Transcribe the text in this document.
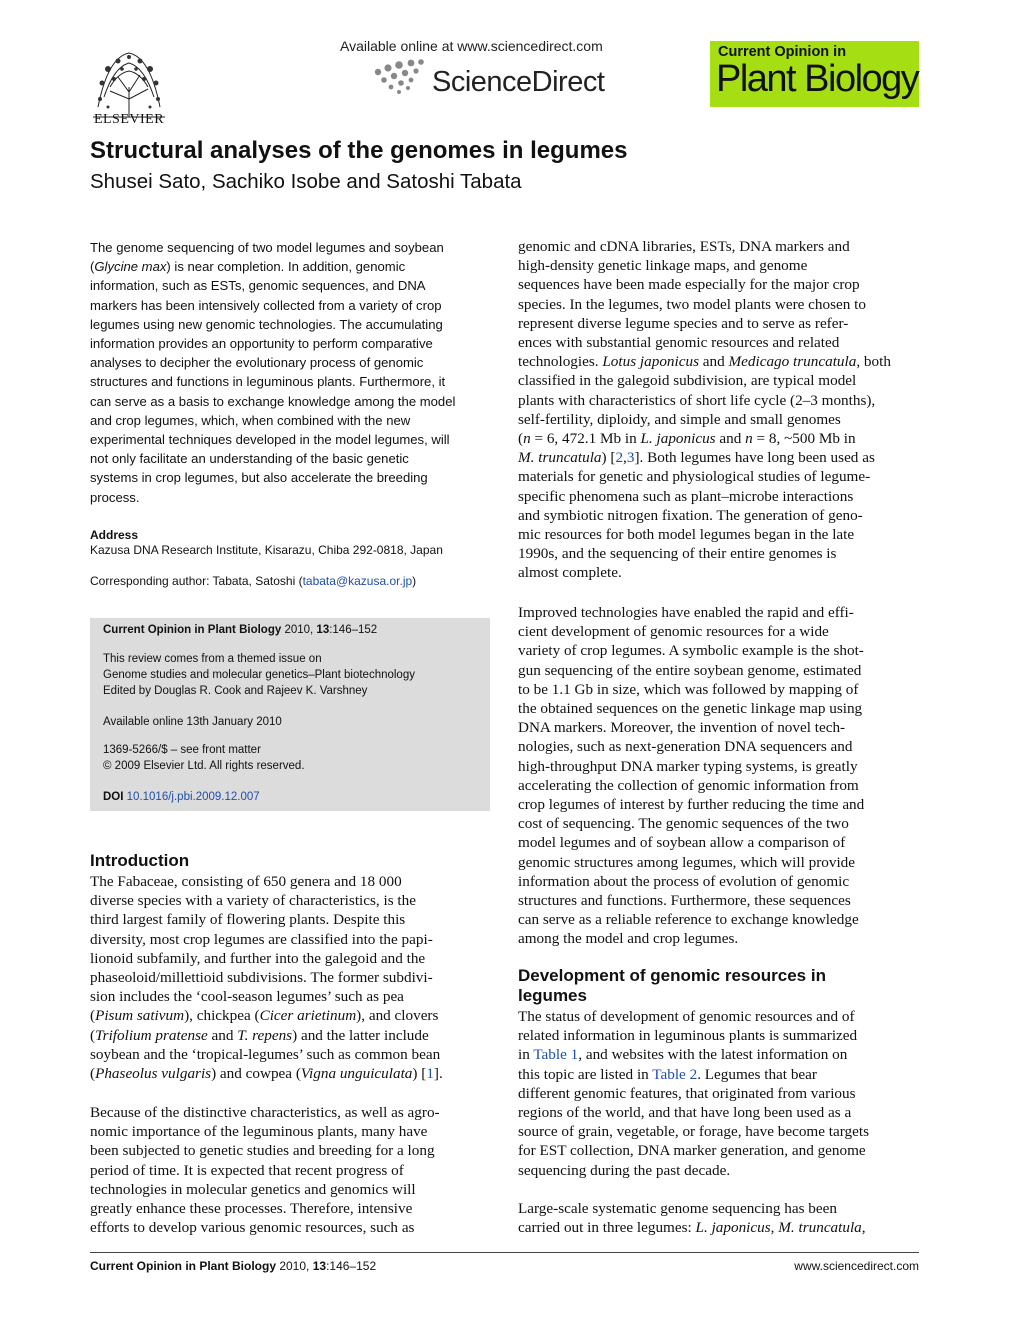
ELSEVIER
Available online at www.sciencedirect.com
ScienceDirect
Current Opinion in
Plant Biology
Structural analyses of the genomes in legumes
Shusei Sato, Sachiko Isobe and Satoshi Tabata

The genome sequencing of two model legumes and soybean

(Glycine max) is near completion. In addition, genomic

information, such as ESTs, genomic sequences, and DNA

markers has been intensively collected from a variety of crop

legumes using new genomic technologies. The accumulating

information provides an opportunity to perform comparative

analyses to decipher the evolutionary process of genomic

structures and functions in leguminous plants. Furthermore, it

can serve as a basis to exchange knowledge among the model

and crop legumes, which, when combined with the new

experimental techniques developed in the model legumes, will

not only facilitate an understanding of the basic genetic

systems in crop legumes, but also accelerate the breeding

process.

Address
Kazusa DNA Research Institute, Kisarazu, Chiba 292-0818, Japan
Corresponding author: Tabata, Satoshi (tabata@kazusa.or.jp)
Current Opinion in Plant Biology 2010, 13:146–152
This review comes from a themed issue on
Genome studies and molecular genetics–Plant biotechnology
Edited by Douglas R. Cook and Rajeev K. Varshney
Available online 13th January 2010
1369-5266/$ – see front matter
© 2009 Elsevier Ltd. All rights reserved.
DOI 10.1016/j.pbi.2009.12.007
Introduction

The Fabaceae, consisting of 650 genera and 18 000

diverse species with a variety of characteristics, is the

third largest family of flowering plants. Despite this

diversity, most crop legumes are classified into the papi-

lionoid subfamily, and further into the galegoid and the

phaseoloid/millettioid subdivisions. The former subdivi-

sion includes the ‘cool-season legumes’ such as pea

(Pisum sativum), chickpea (Cicer arietinum), and clovers

(Trifolium pratense and T. repens) and the latter include

soybean and the ‘tropical-legumes’ such as common bean

(Phaseolus vulgaris) and cowpea (Vigna unguiculata) [1].

Because of the distinctive characteristics, as well as agro-

nomic importance of the leguminous plants, many have

been subjected to genetic studies and breeding for a long

period of time. It is expected that recent progress of

technologies in molecular genetics and genomics will

greatly enhance these processes. Therefore, intensive

efforts to develop various genomic resources, such as

genomic and cDNA libraries, ESTs, DNA markers and

high-density genetic linkage maps, and genome

sequences have been made especially for the major crop

species. In the legumes, two model plants were chosen to

represent diverse legume species and to serve as refer-

ences with substantial genomic resources and related

technologies. Lotus japonicus and Medicago truncatula, both

classified in the galegoid subdivision, are typical model

plants with characteristics of short life cycle (2–3 months),

self-fertility, diploidy, and simple and small genomes

(n = 6, 472.1 Mb in L. japonicus and n = 8, ~500 Mb in

M. truncatula) [2,3]. Both legumes have long been used as

materials for genetic and physiological studies of legume-

specific phenomena such as plant–microbe interactions

and symbiotic nitrogen fixation. The generation of geno-

mic resources for both model legumes began in the late

1990s, and the sequencing of their entire genomes is

almost complete.

Improved technologies have enabled the rapid and effi-

cient development of genomic resources for a wide

variety of crop legumes. A symbolic example is the shot-

gun sequencing of the entire soybean genome, estimated

to be 1.1 Gb in size, which was followed by mapping of

the obtained sequences on the genetic linkage map using

DNA markers. Moreover, the invention of novel tech-

nologies, such as next-generation DNA sequencers and

high-throughput DNA marker typing systems, is greatly

accelerating the collection of genomic information from

crop legumes of interest by further reducing the time and

cost of sequencing. The genomic sequences of the two

model legumes and of soybean allow a comparison of

genomic structures among legumes, which will provide

information about the process of evolution of genomic

structures and functions. Furthermore, these sequences

can serve as a reliable reference to exchange knowledge

among the model and crop legumes.

Development of genomic resources in
legumes

The status of development of genomic resources and of

related information in leguminous plants is summarized

in Table 1, and websites with the latest information on

this topic are listed in Table 2. Legumes that bear

different genomic features, that originated from various

regions of the world, and that have long been used as a

source of grain, vegetable, or forage, have become targets

for EST collection, DNA marker generation, and genome

sequencing during the past decade.

Large-scale systematic genome sequencing has been

carried out in three legumes: L. japonicus, M. truncatula,

Current Opinion in Plant Biology 2010, 13:146–152	www.sciencedirect.com
